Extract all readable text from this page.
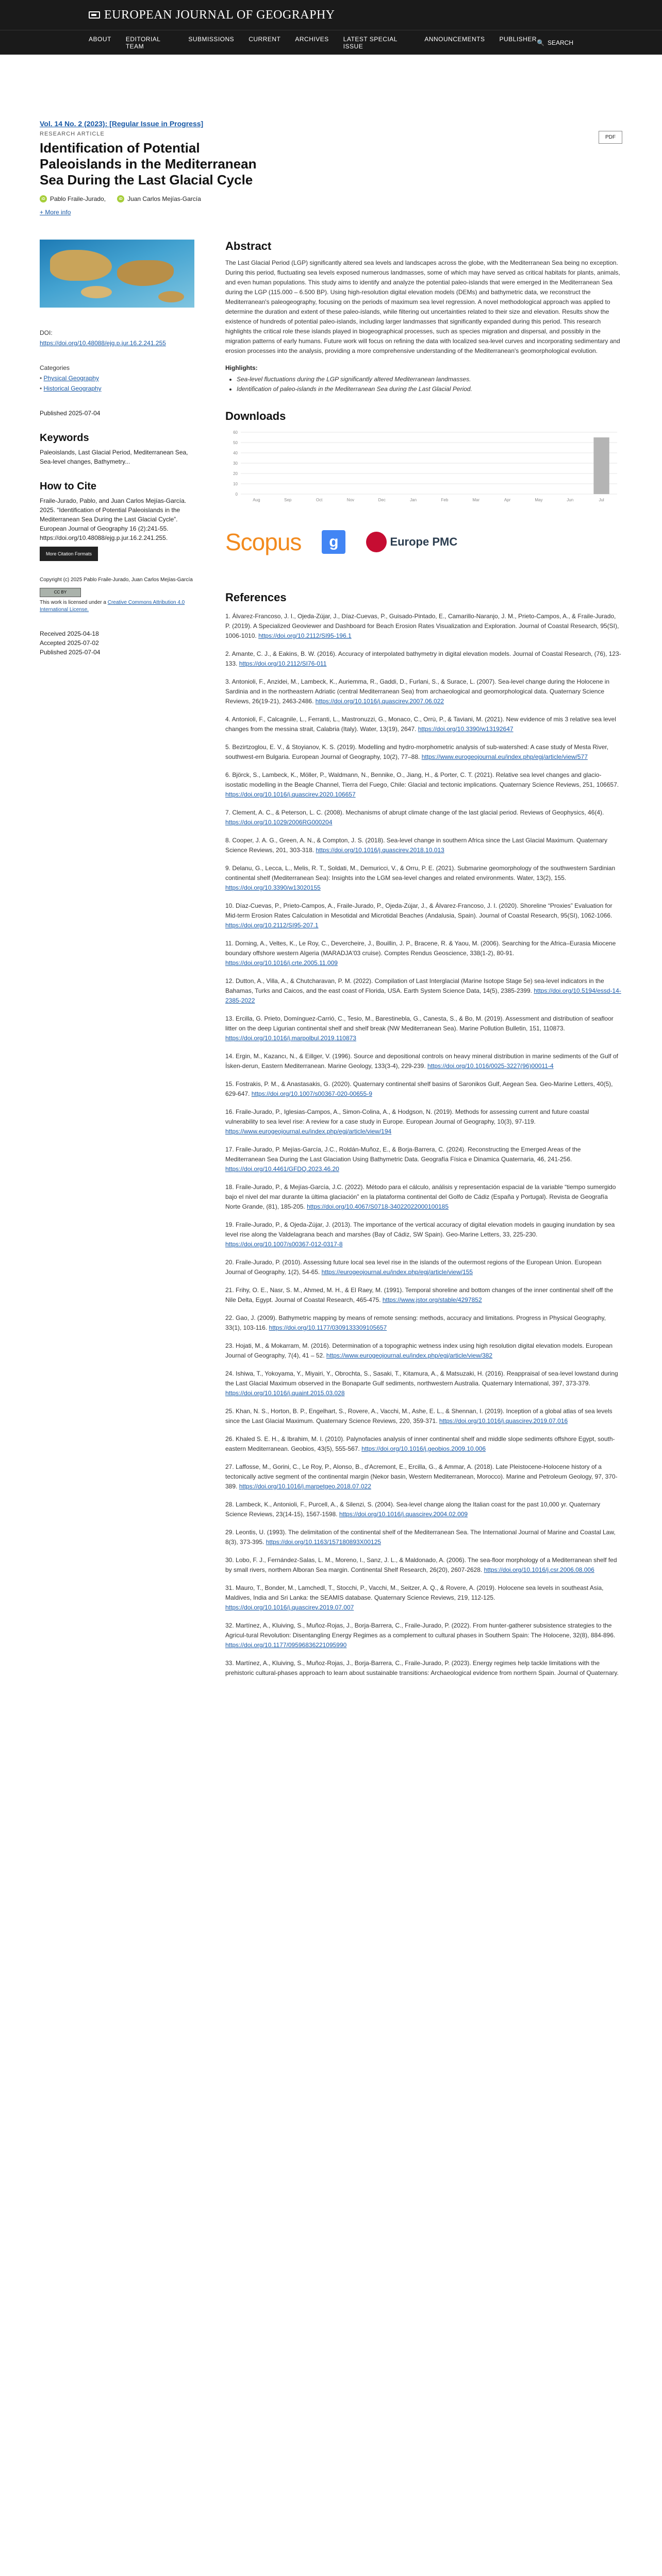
EUROPEAN JOURNAL OF GEOGRAPHY
ABOUT EDITORIAL TEAM
SUBMISSIONS CURRENT ARCHIVES LATEST SPECIAL ISSUE
ANNOUNCEMENTS PUBLISHER 🔍 SEARCH
Vol. 14 No. 2 (2023): [Regular Issue in Progress]
RESEARCH ARTICLE
Identification of Potential Paleoislands in the Mediterranean Sea During the Last Glacial Cycle
PDF
iD Pablo Fraile-Jurado,	iD Juan Carlos Mejías-García
+ More info
DOI:
https://doi.org/10.48088/ejg.p.jur.16.2.241.255
Categories
• Physical Geography
• Historical Geography
Published 2025-07-04
Keywords
Paleoislands, Last Glacial Period, Mediterranean Sea, Sea-level changes, Bathymetry...
How to Cite
Fraile-Jurado, Pablo, and Juan Carlos Mejías-García. 2025. “Identification of Potential Paleoislands in the Mediterranean Sea During the Last Glacial Cycle”. European Journal of Geography 16 (2):241-55. https://doi.org/10.48088/ejg.p.jur.16.2.241.255.
More Citation Formats
Copyright (c) 2025 Pablo Fraile-Jurado, Juan Carlos Mejías-García
CC BY
This work is licensed under a Creative Commons Attribution 4.0 International License.
Received 2025-04-18
Accepted 2025-07-02
Published 2025-07-04
Abstract

The Last Glacial Period (LGP) significantly altered sea levels and landscapes across the globe, with the Mediterranean Sea being no exception. During this period, fluctuating sea levels exposed numerous landmasses, some of which may have served as critical habitats for plants, animals, and even human populations. This study aims to identify and analyze the potential paleo-islands that were emerged in the Mediterranean Sea during the LGP (115.000 – 6.500 BP). Using high-resolution digital elevation models (DEMs) and bathymetric data, we reconstruct the Mediterranean's paleogeography, focusing on the periods of maximum sea level regression. A novel methodological approach was applied to determine the duration and extent of these paleo-islands, while filtering out uncertainties related to their size and elevation. Results show the existence of hundreds of potential paleo-islands, including larger landmasses that significantly expanded during this period. This research highlights the critical role these islands played in biogeographical processes, such as species migration and dispersal, and possibly in the migration patterns of early humans. Future work will focus on refining the data with localized sea-level curves and incorporating sedimentary and erosion processes into the analysis, providing a more comprehensive understanding of the Mediterranean's geomorphological evolution.

Highlights:
• Sea-level fluctuations during the LGP significantly altered Mediterranean landmasses.
• Identification of paleo-islands in the Mediterranean Sea during the Last Glacial Period.
Downloads
0
10
20
30
40
50
60
Aug	Sep	Oct	Nov	Dec	Jan	Feb	Mar	Apr	May	Jun	Jul
Scopus	g	Europe PMC
References

1. Álvarez-Francoso, J. I., Ojeda-Zújar, J., Díaz-Cuevas, P., Guisado-Pintado, E., Camarillo-Naranjo, J. M., Prieto-Campos, A., & Fraile-Jurado, P. (2019). A Specialized Geoviewer and Dashboard for Beach Erosion Rates Visualization and Exploration. Journal of Coastal Research, 95(SI), 1006-1010. https://doi.org/10.2112/SI95-196.1

2. Amante, C. J., & Eakins, B. W. (2016). Accuracy of interpolated bathymetry in digital elevation models. Journal of Coastal Research, (76), 123-133. https://doi.org/10.2112/SI76-011

3. Antonioli, F., Anzidei, M., Lambeck, K., Auriemma, R., Gaddi, D., Furlani, S., & Surace, L. (2007). Sea-level change during the Holocene in Sardinia and in the northeastern Adriatic (central Mediterranean Sea) from archaeological and geomorphological data. Quaternary Science Reviews, 26(19-21), 2463-2486. https://doi.org/10.1016/j.quascirev.2007.06.022

4. Antonioli, F., Calcagnile, L., Ferranti, L., Mastronuzzi, G., Monaco, C., Orrù, P., & Taviani, M. (2021). New evidence of mis 3 relative sea level changes from the messina strait, Calabria (Italy). Water, 13(19), 2647. https://doi.org/10.3390/w13192647

5. Bezirtzoglou, E. V., & Stoyianov, K. S. (2019). Modelling and hydro-morphometric analysis of sub-watershed: A case study of Mesta River, southwest-ern Bulgaria. European Journal of Geography, 10(2), 77–88. https://www.eurogeojournal.eu/index.php/egj/article/view/577

6. Björck, S., Lambeck, K., Möller, P., Waldmann, N., Bennike, O., Jiang, H., & Porter, C. T. (2021). Relative sea level changes and glacio-isostatic modelling in the Beagle Channel, Tierra del Fuego, Chile: Glacial and tectonic implications. Quaternary Science Reviews, 251, 106657. https://doi.org/10.1016/j.quascirev.2020.106657

7. Clement, A. C., & Peterson, L. C. (2008). Mechanisms of abrupt climate change of the last glacial period. Reviews of Geophysics, 46(4). https://doi.org/10.1029/2006RG000204

8. Cooper, J. A. G., Green, A. N., & Compton, J. S. (2018). Sea-level change in southern Africa since the Last Glacial Maximum. Quaternary Science Reviews, 201, 303-318. https://doi.org/10.1016/j.quascirev.2018.10.013

9. Delanu, G., Lecca, L., Melis, R. T., Soldati, M., Demuricci, V., & Orru, P. E. (2021). Submarine geomorphology of the southwestern Sardinian continental shelf (Mediterranean Sea): Insights into the LGM sea-level changes and related environments. Water, 13(2), 155. https://doi.org/10.3390/w13020155

10. Díaz-Cuevas, P., Prieto-Campos, A., Fraile-Jurado, P., Ojeda-Zújar, J., & Álvarez-Francoso, J. I. (2020). Shoreline “Proxies” Evaluation for Mid-term Erosion Rates Calculation in Mesotidal and Microtidal Beaches (Andalusia, Spain). Journal of Coastal Research, 95(SI), 1062-1066. https://doi.org/10.2112/SI95-207.1

11. Dorning, A., Veltes, K., Le Roy, C., Devercheire, J., Bouillin, J. P., Bracene, R. & Yaou, M. (2006). Searching for the Africa–Eurasia Miocene boundary offshore western Algeria (MARADJA'03 cruise). Comptes Rendus Geoscience, 338(1-2), 80-91. https://doi.org/10.1016/j.crte.2005.11.009

12. Dutton, A., Villa, A., & Chutcharavan, P. M. (2022). Compilation of Last Interglacial (Marine Isotope Stage 5e) sea-level indicators in the Bahamas, Turks and Caicos, and the east coast of Florida, USA. Earth System Science Data, 14(5), 2385-2399. https://doi.org/10.5194/essd-14-2385-2022

13. Ercilla, G. Prieto, Domínguez-Carrió, C., Tesio, M., Barestinebla, G., Canesta, S., & Bo, M. (2019). Assessment and distribution of seafloor litter on the deep Ligurian continental shelf and shelf break (NW Mediterranean Sea). Marine Pollution Bulletin, 151, 110873. https://doi.org/10.1016/j.marpolbul.2019.110873

14. Ergin, M., Kazancı, N., & Eillger, V. (1996). Source and depositional controls on heavy mineral distribution in marine sediments of the Gulf of İsken-derun, Eastern Mediterranean. Marine Geology, 133(3-4), 229-239. https://doi.org/10.1016/0025-3227(96)00011-4

15. Fostrakis, P. M., & Anastasakis, G. (2020). Quaternary continental shelf basins of Saronikos Gulf, Aegean Sea. Geo-Marine Letters, 40(5), 629-647. https://doi.org/10.1007/s00367-020-00655-9

16. Fraile-Jurado, P., Iglesias-Campos, A., Simon-Colina, A., & Hodgson, N. (2019). Methods for assessing current and future coastal vulnerability to sea level rise: A review for a case study in Europe. European Journal of Geography, 10(3), 97-119. https://www.eurogeojournal.eu/index.php/egj/article/view/194

17. Fraile-Jurado, P. Mejías-García, J.C., Roldán-Muñoz, E., & Borja-Barrera, C. (2024). Reconstructing the Emerged Areas of the Mediterranean Sea During the Last Glaciation Using Bathymetric Data. Geografía Física e Dinamica Quaternaria, 46, 241-256. https://doi.org/10.4461/GFDQ.2023.46.20

18. Fraile-Jurado, P., & Mejías-García, J.C. (2022). Método para el cálculo, análisis y representación espacial de la variable “tiempo sumergido bajo el nivel del mar durante la última glaciación” en la plataforma continental del Golfo de Cádiz (España y Portugal). Revista de Geografía Norte Grande, (81), 185-205. https://doi.org/10.4067/S0718-34022022000100185

19. Fraile-Jurado, P., & Ojeda-Zújar, J. (2013). The importance of the vertical accuracy of digital elevation models in gauging inundation by sea level rise along the Valdelagrana beach and marshes (Bay of Cádiz, SW Spain). Geo-Marine Letters, 33, 225-230. https://doi.org/10.1007/s00367-012-0317-8

20. Fraile-Jurado, P. (2010). Assessing future local sea level rise in the islands of the outermost regions of the European Union. European Journal of Geography, 1(2), 54-65. https://eurogeojournal.eu/index.php/egj/article/view/155

21. Frihy, O. E., Nasr, S. M., Ahmed, M. H., & El Raey, M. (1991). Temporal shoreline and bottom changes of the inner continental shelf off the Nile Delta, Egypt. Journal of Coastal Research, 465-475. https://www.jstor.org/stable/4297852

22. Gao, J. (2009). Bathymetric mapping by means of remote sensing: methods, accuracy and limitations. Progress in Physical Geography, 33(1), 103-116. https://doi.org/10.1177/0309133309105657

23. Hojati, M., & Mokarram, M. (2016). Determination of a topographic wetness index using high resolution digital elevation models. European Journal of Geography, 7(4), 41 – 52. https://www.eurogeojournal.eu/index.php/egj/article/view/382

24. Ishiwa, T., Yokoyama, Y., Miyairi, Y., Obrochta, S., Sasaki, T., Kitamura, A., & Matsuzaki, H. (2016). Reappraisal of sea-level lowstand during the Last Glacial Maximum observed in the Bonaparte Gulf sediments, northwestern Australia. Quaternary International, 397, 373-379. https://doi.org/10.1016/j.quaint.2015.03.028

25. Khan, N. S., Horton, B. P., Engelhart, S., Rovere, A., Vacchi, M., Ashe, E. L., & Shennan, I. (2019). Inception of a global atlas of sea levels since the Last Glacial Maximum. Quaternary Science Reviews, 220, 359-371. https://doi.org/10.1016/j.quascirev.2019.07.016

26. Khaled S. E. H., & Ibrahim, M. I. (2010). Palynofacies analysis of inner continental shelf and middle slope sediments offshore Egypt, south-eastern Mediterranean. Geobios, 43(5), 555-567. https://doi.org/10.1016/j.geobios.2009.10.006

27. Laffosse, M., Gorini, C., Le Roy, P., Alonso, B., d'Acremont, E., Ercilla, G., & Ammar, A. (2018). Late Pleistocene-Holocene history of a tectonically active segment of the continental margin (Nekor basin, Western Mediterranean, Morocco). Marine and Petroleum Geology, 97, 370-389. https://doi.org/10.1016/j.marpetgeo.2018.07.022

28. Lambeck, K., Antonioli, F., Purcell, A., & Silenzi, S. (2004). Sea-level change along the Italian coast for the past 10,000 yr. Quaternary Science Reviews, 23(14-15), 1567-1598. https://doi.org/10.1016/j.quascirev.2004.02.009

29. Leontis, U. (1993). The delimitation of the continental shelf of the Mediterranean Sea. The International Journal of Marine and Coastal Law, 8(3), 373-395. https://doi.org/10.1163/157180893X00125

30. Lobo, F. J., Fernández-Salas, L. M., Moreno, I., Sanz, J. L., & Maldonado, A. (2006). The sea-floor morphology of a Mediterranean shelf fed by small rivers, northern Alboran Sea margin. Continental Shelf Research, 26(20), 2607-2628. https://doi.org/10.1016/j.csr.2006.08.006

31. Mauro, T., Bonder, M., Lamchedl, T., Stocchi, P., Vacchi, M., Seitzer, A. Q., & Rovere, A. (2019). Holocene sea levels in southeast Asia, Maldives, India and Sri Lanka: the SEAMIS database. Quaternary Science Reviews, 219, 112-125. https://doi.org/10.1016/j.quascirev.2019.07.007

32. Martínez, A., Kluiving, S., Muñoz-Rojas, J., Borja-Barrera, C., Fraile-Jurado, P. (2022). From hunter-gatherer subsistence strategies to the Agricul-tural Revolution: Disentangling Energy Regimes as a complement to cultural phases in Southern Spain: The Holocene, 32(8), 884-896. https://doi.org/10.1177/09596836221095990

33. Martínez, A., Kluiving, S., Muñoz-Rojas, J., Borja-Barrera, C., Fraile-Jurado, P. (2023). Energy regimes help tackle limitations with the prehistoric cultural-phases approach to learn about sustainable transitions: Archaeological evidence from northern Spain. Journal of Quaternary.
